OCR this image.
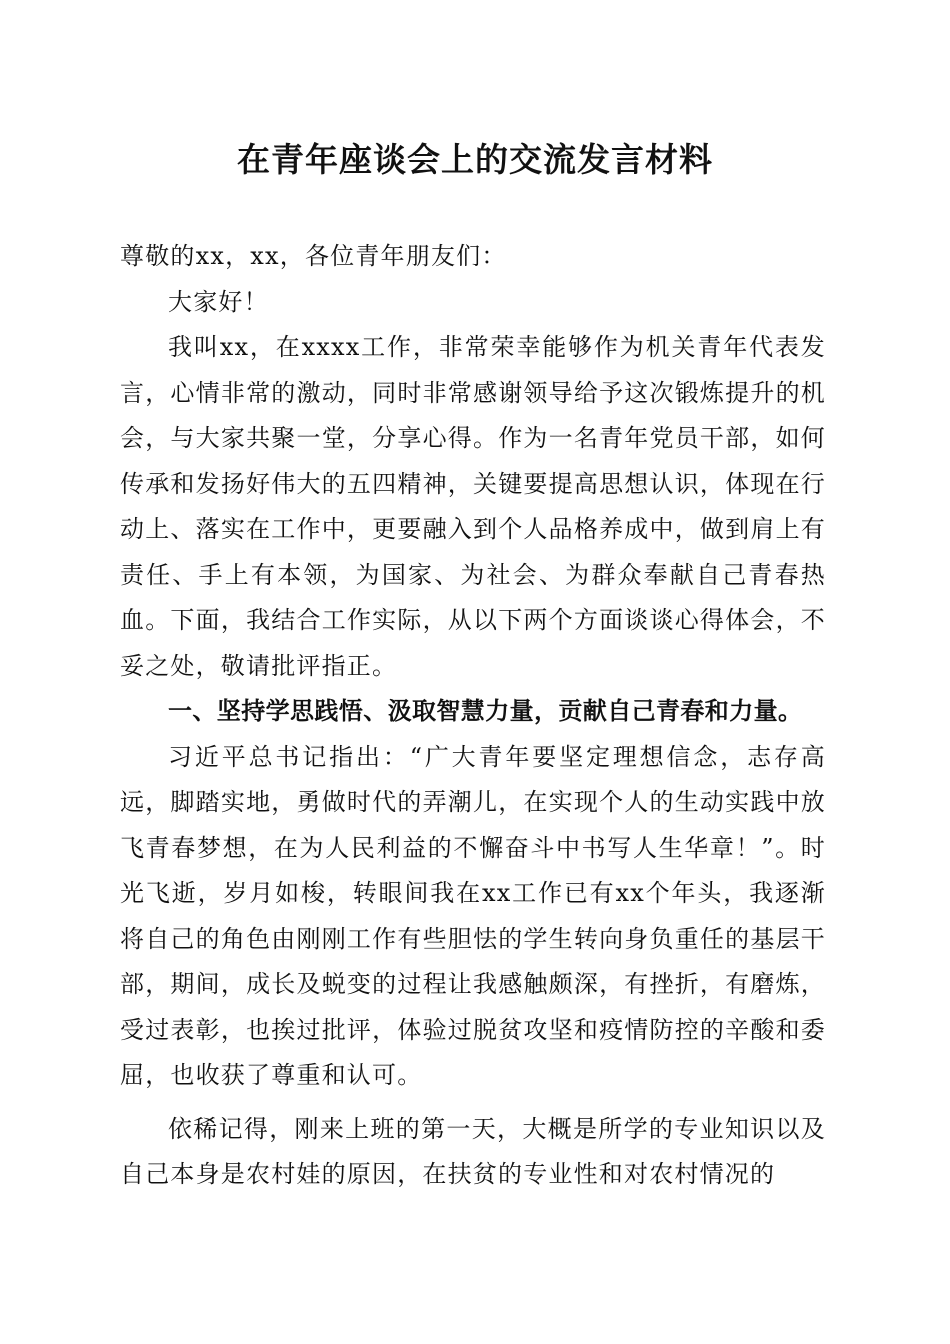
在青年座谈会上的交流发言材料

尊敬的xx，xx，各位青年朋友们：

大家好！

我叫xx，在xxxx工作，非常荣幸能够作为机关青年代表发言，心情非常的激动，同时非常感谢领导给予这次锻炼提升的机会，与大家共聚一堂，分享心得。作为一名青年党员干部，如何传承和发扬好伟大的五四精神，关键要提高思想认识，体现在行动上、落实在工作中，更要融入到个人品格养成中，做到肩上有责任、手上有本领，为国家、为社会、为群众奉献自己青春热血。下面，我结合工作实际，从以下两个方面谈谈心得体会，不妥之处，敬请批评指正。

一、坚持学思践悟、汲取智慧力量，贡献自己青春和力量。

习近平总书记指出：“广大青年要坚定理想信念，志存高远，脚踏实地，勇做时代的弄潮儿，在实现个人的生动实践中放飞青春梦想，在为人民利益的不懈奋斗中书写人生华章！”。时光飞逝，岁月如梭，转眼间我在xx工作已有xx个年头，我逐渐将自己的角色由刚刚工作有些胆怯的学生转向身负重任的基层干部，期间，成长及蜕变的过程让我感触颇深，有挫折，有磨炼，受过表彰，也挨过批评，体验过脱贫攻坚和疫情防控的辛酸和委屈，也收获了尊重和认可。

依稀记得，刚来上班的第一天，大概是所学的专业知识以及自己本身是农村娃的原因，在扶贫的专业性和对农村情况的
